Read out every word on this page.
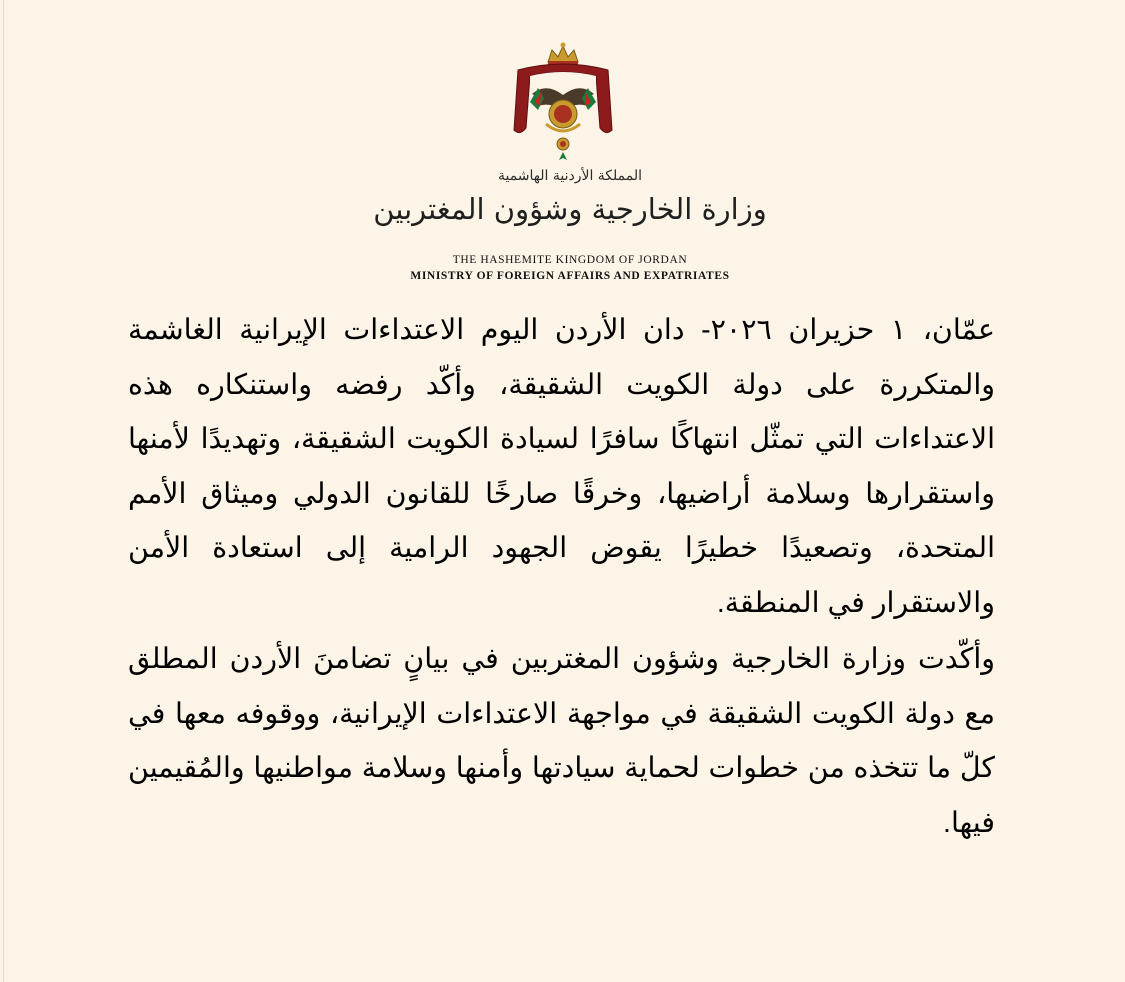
المملكة الأردنية الهاشمية
وزارة الخارجية وشؤون المغتربين
THE HASHEMITE KINGDOM OF JORDAN
MINISTRY OF FOREIGN AFFAIRS AND EXPATRIATES

عمّان، ١ حزيران ٢٠٢٦- دان الأردن اليوم الاعتداءات الإيرانية الغاشمة والمتكررة على دولة الكويت الشقيقة، وأكّد رفضه واستنكاره هذه الاعتداءات التي تمثّل انتهاكًا سافرًا لسيادة الكويت الشقيقة، وتهديدًا لأمنها واستقرارها وسلامة أراضيها، وخرقًا صارخًا للقانون الدولي وميثاق الأمم المتحدة، وتصعيدًا خطيرًا يقوض الجهود الرامية إلى استعادة الأمن والاستقرار في المنطقة.

وأكّدت وزارة الخارجية وشؤون المغتربين في بيانٍ تضامنَ الأردن المطلق مع دولة الكويت الشقيقة في مواجهة الاعتداءات الإيرانية، ووقوفه معها في كلّ ما تتخذه من خطوات لحماية سيادتها وأمنها وسلامة مواطنيها والمُقيمين فيها.
